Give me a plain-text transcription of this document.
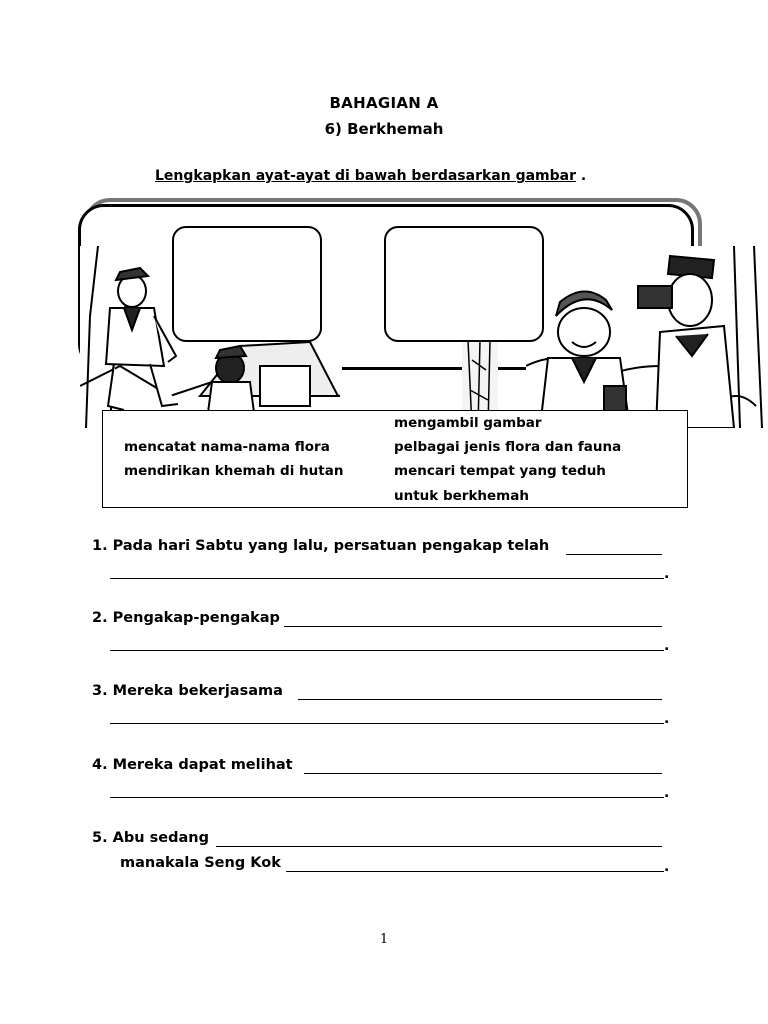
BAHAGIAN A
6) Berkhemah
Lengkapkan ayat-ayat di bawah berdasarkan gambar .
mencatat nama-nama flora
mendirikan khemah di hutan
mengambil gambar
pelbagai jenis flora dan fauna
mencari tempat yang teduh
untuk berkhemah
1. Pada hari Sabtu yang lalu, persatuan pengakap telah
.
2. Pengakap-pengakap
.
3. Mereka bekerjasama
.
4. Mereka dapat melihat
.
5. Abu sedang
manakala Seng Kok	.
1
